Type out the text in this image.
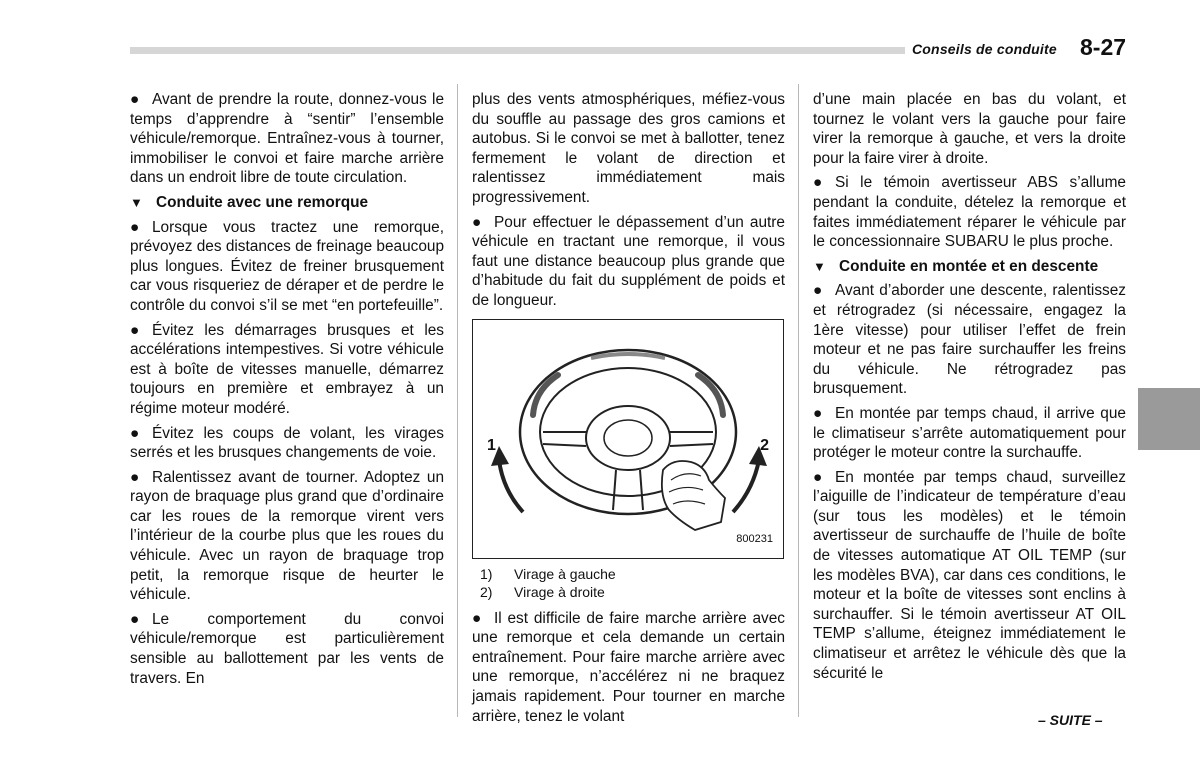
Conseils de conduite 8-27

● Avant de prendre la route, donnez-vous le temps d’apprendre à “sentir” l’ensemble véhicule/remorque. Entraînez-vous à tourner, immobiliser le convoi et faire marche arrière dans un endroit libre de toute circulation.

▼ Conduite avec une remorque

● Lorsque vous tractez une remorque, prévoyez des distances de freinage beaucoup plus longues. Évitez de freiner brusquement car vous risqueriez de déraper et de perdre le contrôle du convoi s’il se met “en portefeuille”.

● Évitez les démarrages brusques et les accélérations intempestives. Si votre véhicule est à boîte de vitesses manuelle, démarrez toujours en première et embrayez à un régime moteur modéré.

● Évitez les coups de volant, les virages serrés et les brusques changements de voie.

● Ralentissez avant de tourner. Adoptez un rayon de braquage plus grand que d’ordinaire car les roues de la remorque virent vers l’intérieur de la courbe plus que les roues du véhicule. Avec un rayon de braquage trop petit, la remorque risque de heurter le véhicule.

● Le comportement du convoi véhicule/remorque est particulièrement sensible au ballottement par les vents de travers. En

plus des vents atmosphériques, méfiez-vous du souffle au passage des gros camions et autobus. Si le convoi se met à ballotter, tenez fermement le volant de direction et ralentissez immédiatement mais progressivement.

● Pour effectuer le dépassement d’un autre véhicule en tractant une remorque, il vous faut une distance beaucoup plus grande que d’habitude du fait du supplément de poids et de longueur.

1	2
800231
1) Virage à gauche
2) Virage à droite

● Il est difficile de faire marche arrière avec une remorque et cela demande un certain entraînement. Pour faire marche arrière avec une remorque, n’accélérez ni ne braquez jamais rapidement. Pour tourner en marche arrière, tenez le volant

d’une main placée en bas du volant, et tournez le volant vers la gauche pour faire virer la remorque à gauche, et vers la droite pour la faire virer à droite.

● Si le témoin avertisseur ABS s’allume pendant la conduite, dételez la remorque et faites immédiatement réparer le véhicule par le concessionnaire SUBARU le plus proche.

▼ Conduite en montée et en descente

● Avant d’aborder une descente, ralentissez et rétrogradez (si nécessaire, engagez la 1ère vitesse) pour utiliser l’effet de frein moteur et ne pas faire surchauffer les freins du véhicule. Ne rétrogradez pas brusquement.

● En montée par temps chaud, il arrive que le climatiseur s’arrête automatiquement pour protéger le moteur contre la surchauffe.

● En montée par temps chaud, surveillez l’aiguille de l’indicateur de température d’eau (sur tous les modèles) et le témoin avertisseur de surchauffe de l’huile de boîte de vitesses automatique AT OIL TEMP (sur les modèles BVA), car dans ces conditions, le moteur et la boîte de vitesses sont enclins à surchauffer. Si le témoin avertisseur AT OIL TEMP s’allume, éteignez immédiatement le climatiseur et arrêtez le véhicule dès que la sécurité le

– SUITE –
